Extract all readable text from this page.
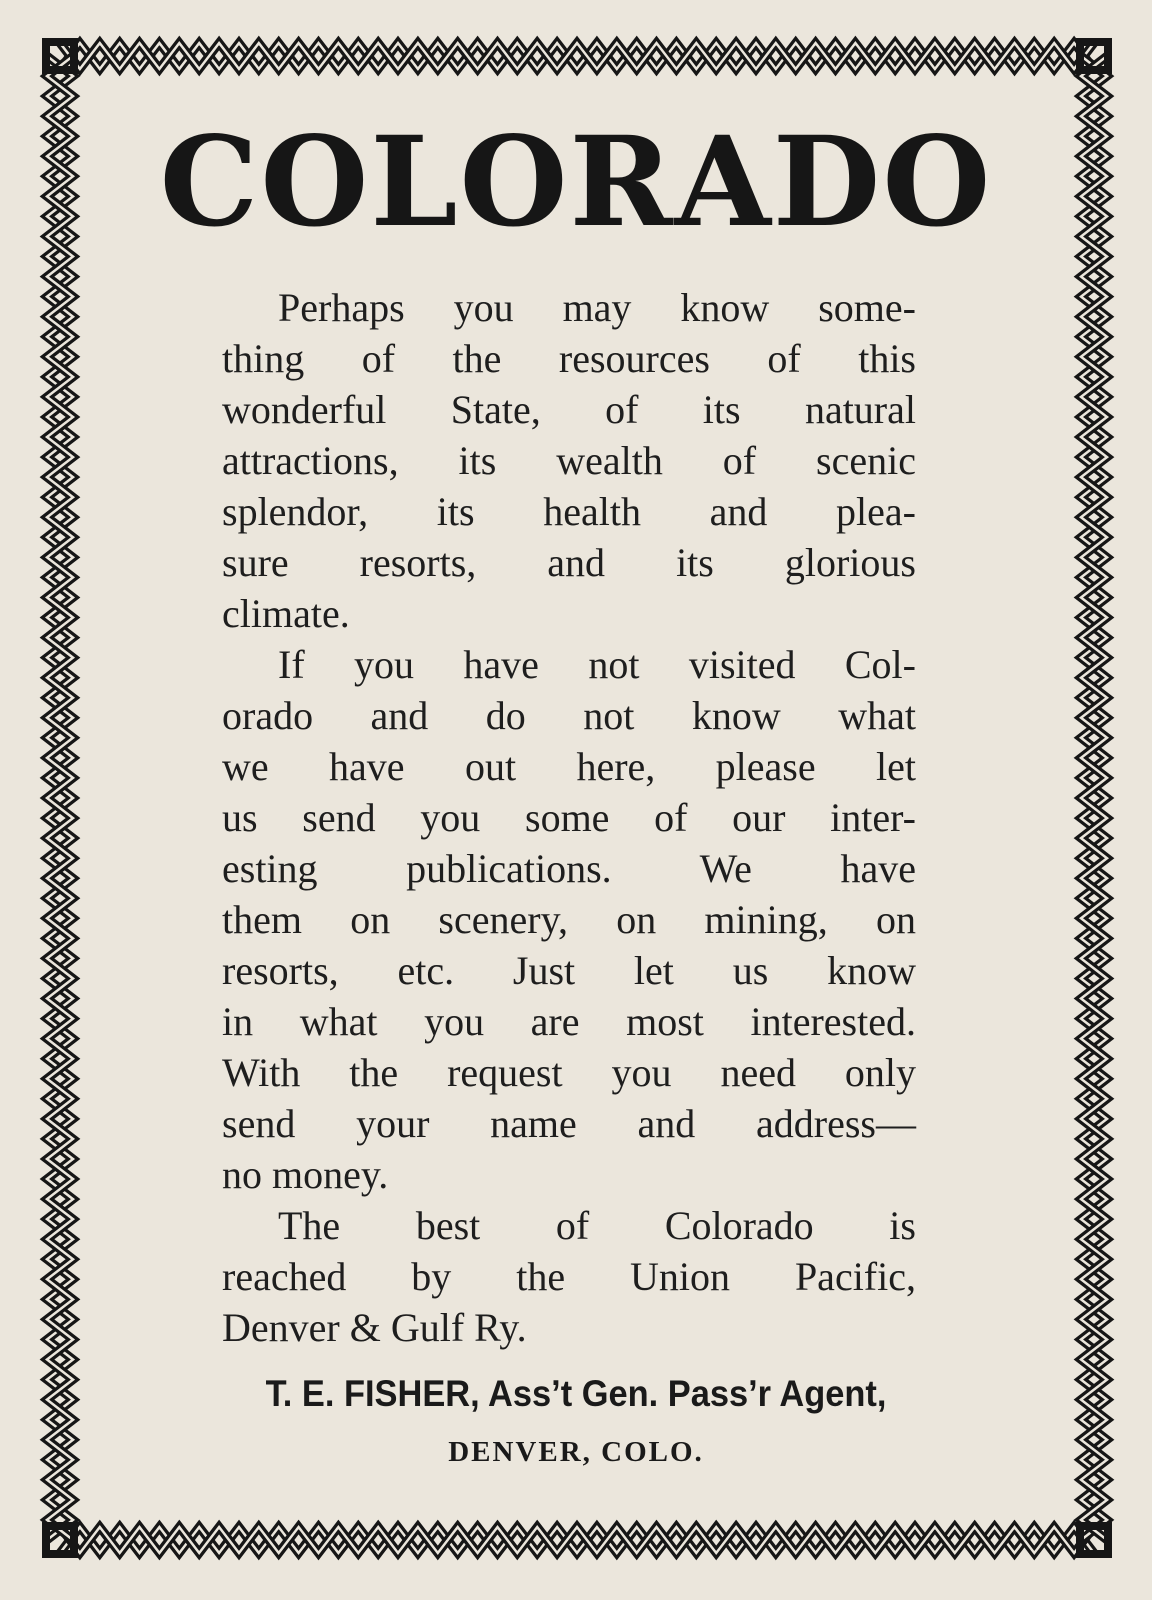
COLORADO

Perhaps you may know some-
thing of the resources of this
wonderful State, of its natural
attractions, its wealth of scenic
splendor, its health and plea-
sure resorts, and its glorious
climate.

If you have not visited Col-
orado and do not know what
we have out here, please let
us send you some of our inter-
esting publications. We have
them on scenery, on mining, on
resorts, etc. Just let us know
in what you are most interested.
With the request you need only
send your name and address—
no money.

The best of Colorado is
reached by the Union Pacific,
Denver & Gulf Ry.

T. E. FISHER, Ass’t Gen. Pass’r Agent,
DENVER, COLO.
